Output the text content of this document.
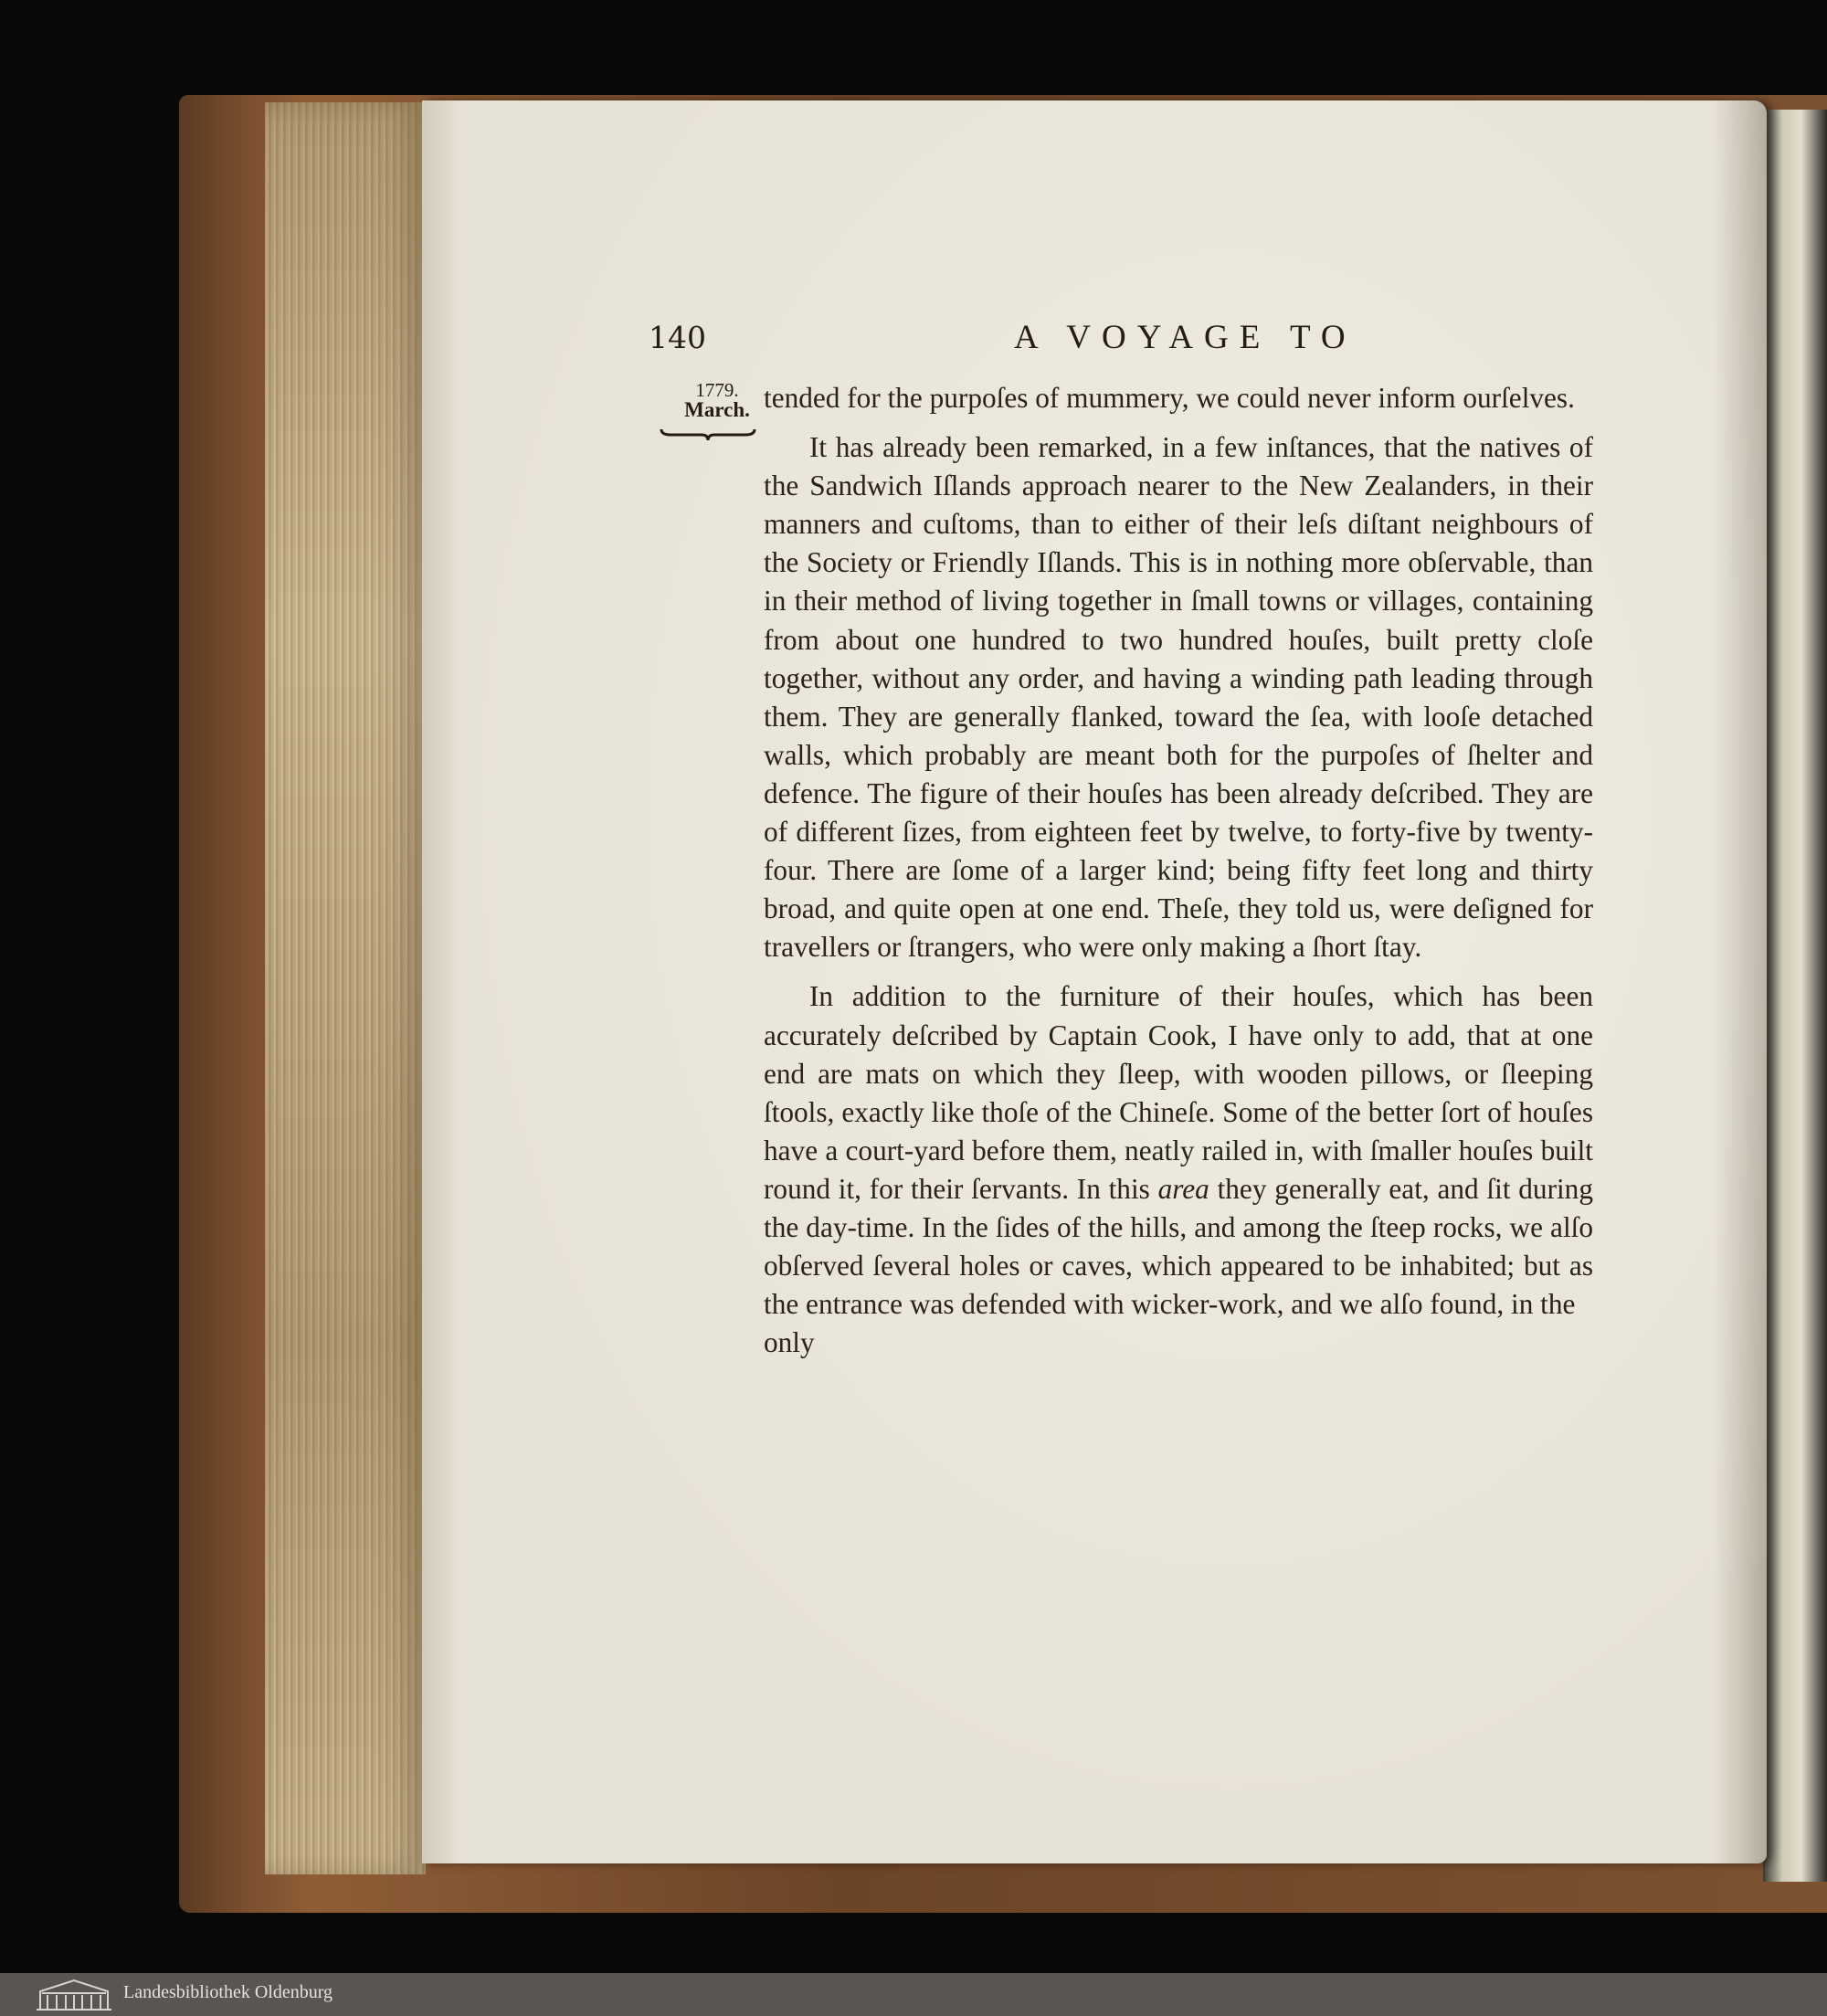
140	A VOYAGE TO

1779.
March. tended for the purpoſes of mummery, we could never inform ourſelves.

It has already been remarked, in a few inſtances, that the natives of the Sandwich Iſlands approach nearer to the New Zealanders, in their manners and cuſtoms, than to either of their leſs diſtant neighbours of the Society or Friendly Iſlands. This is in nothing more obſervable, than in their method of living together in ſmall towns or villages, containing from about one hundred to two hundred houſes, built pretty cloſe together, without any order, and having a winding path leading through them. They are generally flanked, toward the ſea, with looſe detached walls, which probably are meant both for the purpoſes of ſhelter and defence. The figure of their houſes has been already deſcribed. They are of different ſizes, from eighteen feet by twelve, to forty-five by twenty-four. There are ſome of a larger kind; being fifty feet long and thirty broad, and quite open at one end. Theſe, they told us, were deſigned for travellers or ſtrangers, who were only making a ſhort ſtay.

In addition to the furniture of their houſes, which has been accurately deſcribed by Captain Cook, I have only to add, that at one end are mats on which they ſleep, with wooden pillows, or ſleeping ſtools, exactly like thoſe of the Chineſe. Some of the better ſort of houſes have a court-yard before them, neatly railed in, with ſmaller houſes built round it, for their ſervants. In this area they generally eat, and ſit during the day-time. In the ſides of the hills, and among the ſteep rocks, we alſo obſerved ſeveral holes or caves, which appeared to be inhabited; but as the entrance was defended with wicker-work, and we alſo found, in the

only

Landesbibliothek Oldenburg
